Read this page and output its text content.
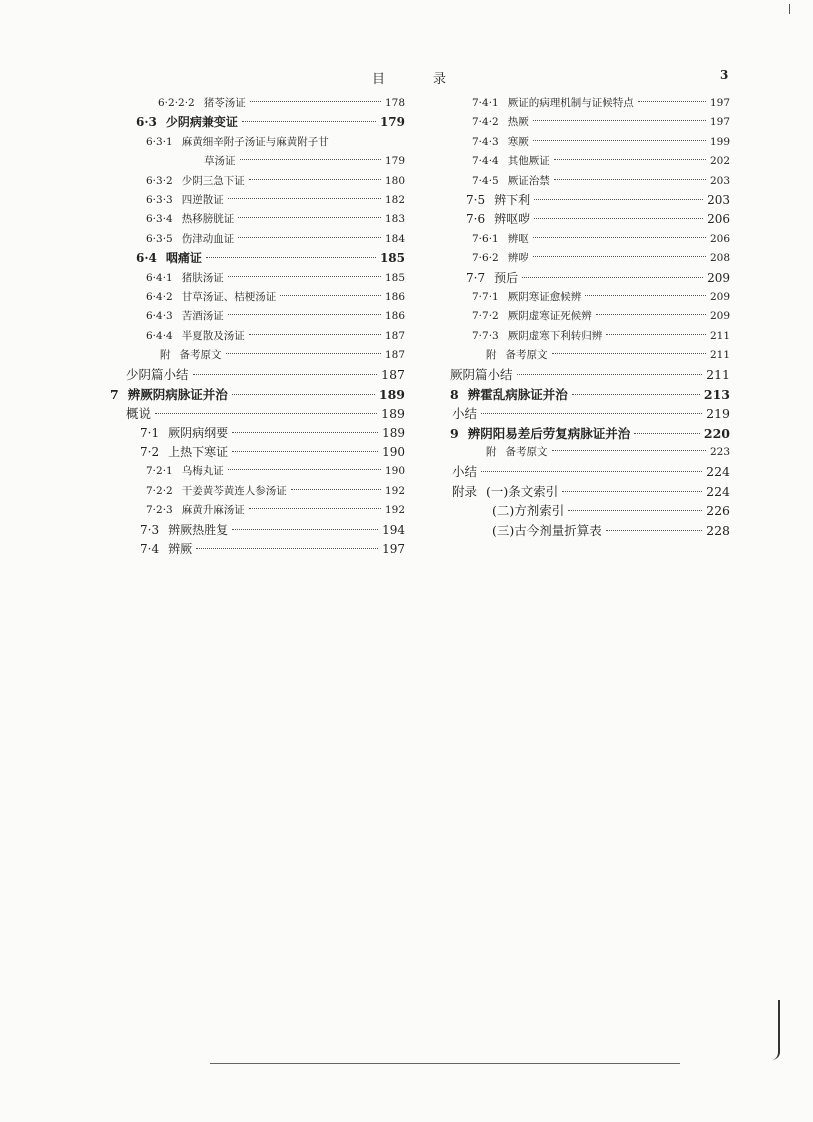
目录	3
6·2·2·2 猪苓汤证	178
6·3 少阴病兼变证	179
6·3·1 麻黄细辛附子汤证与麻黄附子甘
草汤证	179
6·3·2 少阴三急下证	180
6·3·3 四逆散证	182
6·3·4 热移膀胱证	183
6·3·5 伤津动血证	184
6·4 咽痛证	185
6·4·1 猪肤汤证	185
6·4·2 甘草汤证、桔梗汤证	186
6·4·3 苦酒汤证	186
6·4·4 半夏散及汤证	187
附 备考原文	187
少阴篇小结	187
7 辨厥阴病脉证并治	189
概说	189
7·1 厥阴病纲要	189
7·2 上热下寒证	190
7·2·1 乌梅丸证	190
7·2·2 干姜黄芩黄连人参汤证	192
7·2·3 麻黄升麻汤证	192
7·3 辨厥热胜复	194
7·4 辨厥	197
7·4·1 厥证的病理机制与证候特点	197
7·4·2 热厥	197
7·4·3 寒厥	199
7·4·4 其他厥证	202
7·4·5 厥证治禁	203
7·5 辨下利	203
7·6 辨呕哕	206
7·6·1 辨呕	206
7·6·2 辨哕	208
7·7 预后	209
7·7·1 厥阴寒证愈候辨	209
7·7·2 厥阴虚寒证死候辨	209
7·7·3 厥阴虚寒下利转归辨	211
附 备考原文	211
厥阴篇小结	211
8 辨霍乱病脉证并治	213
小结	219
9 辨阴阳易差后劳复病脉证并治	220
附 备考原文	223
小结	224
附录 (一)条文索引	224
(二)方剂索引	226
(三)古今剂量折算表	228
